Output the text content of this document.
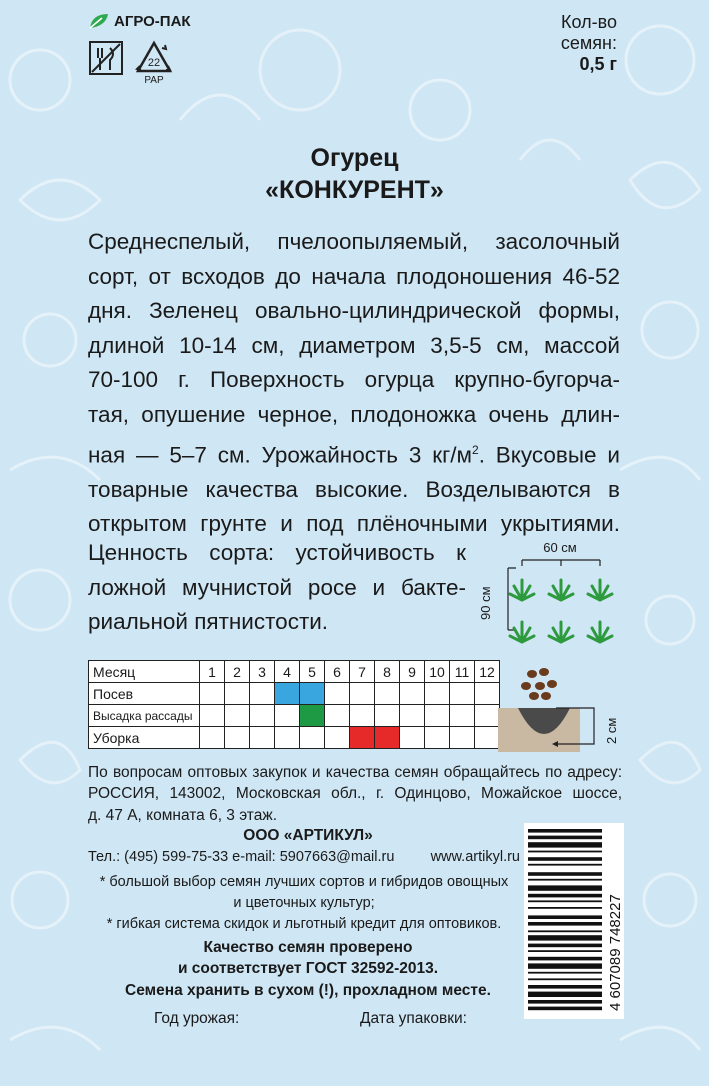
АГРО-ПАК
22
PAP
Кол-во
семян:
0,5 г
Огурец
«КОНКУРЕНТ»
Среднеспелый, пчелоопыляемый, засолочный
сорт, от всходов до начала плодоношения 46-52
дня. Зеленец овально-цилиндрической формы,
длиной 10-14 см, диаметром 3,5-5 см, массой
70-100 г. Поверхность огурца крупно-бугорча-
тая, опушение черное, плодоножка очень длин-
ная — 5–7 см. Урожайность 3 $кг/м^2$. Вкусовые и
товарные качества высокие. Возделываются в
открытом грунте и под плёночными укрытиями.
Ценность сорта: устойчивость к
ложной мучнистой росе и бакте-
риальной пятнистости.
60 см
90 см
Месяц	1	2	3	4	5	6	7	8	9	10	11	12
Посев												
Высадка рассады												
Уборка													2 см
По вопросам оптовых закупок и качества семян обращайтесь по адресу:
РОССИЯ, 143002, Московская обл., г. Одинцово, Можайское шоссе,
д. 47 А, комната 6, 3 этаж.
ООО «АРТИКУЛ»
Тел.: (495) 599-75-33 e-mail: 5907663@mail.ru www.artikyl.ru
* большой выбор семян лучших сортов и гибридов овощных
и цветочных культур;
* гибкая система скидок и льготный кредит для оптовиков.
Качество семян проверено
и соответствует ГОСТ 32592-2013.
Семена хранить в сухом (!), прохладном месте.	4 607089 748227
Год урожая:	Дата упаковки:
